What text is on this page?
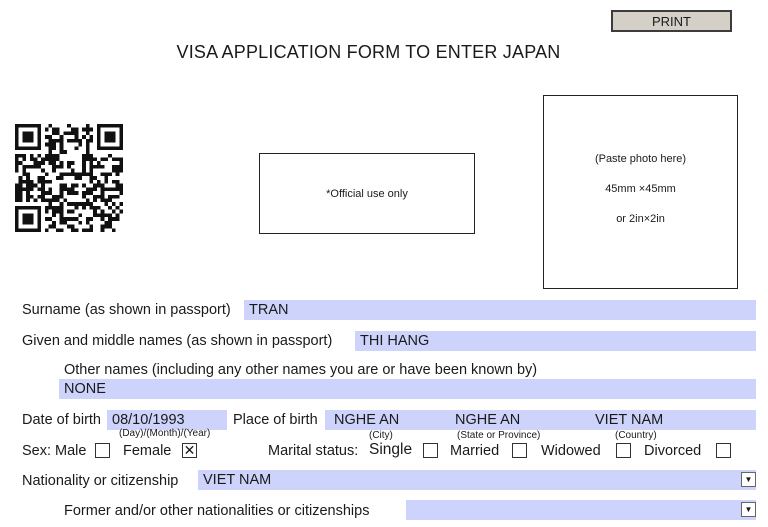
PRINT
VISA APPLICATION FORM TO ENTER JAPAN
*Official use only
(Paste photo here)
45mm ×45mm
or 2in×2in
Surname (as shown in passport)	TRAN
Given and middle names (as shown in passport)	THI HANG
Other names (including any other names you are or have been known by)
NONE
Date of birth 08/10/1993
(Day)/(Month)/(Year)
Place of birth NGHE AN	NGHE AN	VIET NAM
(City)	(State or Province)	(Country)
Sex: Male	Female ✕	Marital status: Single	Married	Widowed	Divorced
Nationality or citizenship	VIET NAM	▼
Former and/or other nationalities or citizenships	▼
